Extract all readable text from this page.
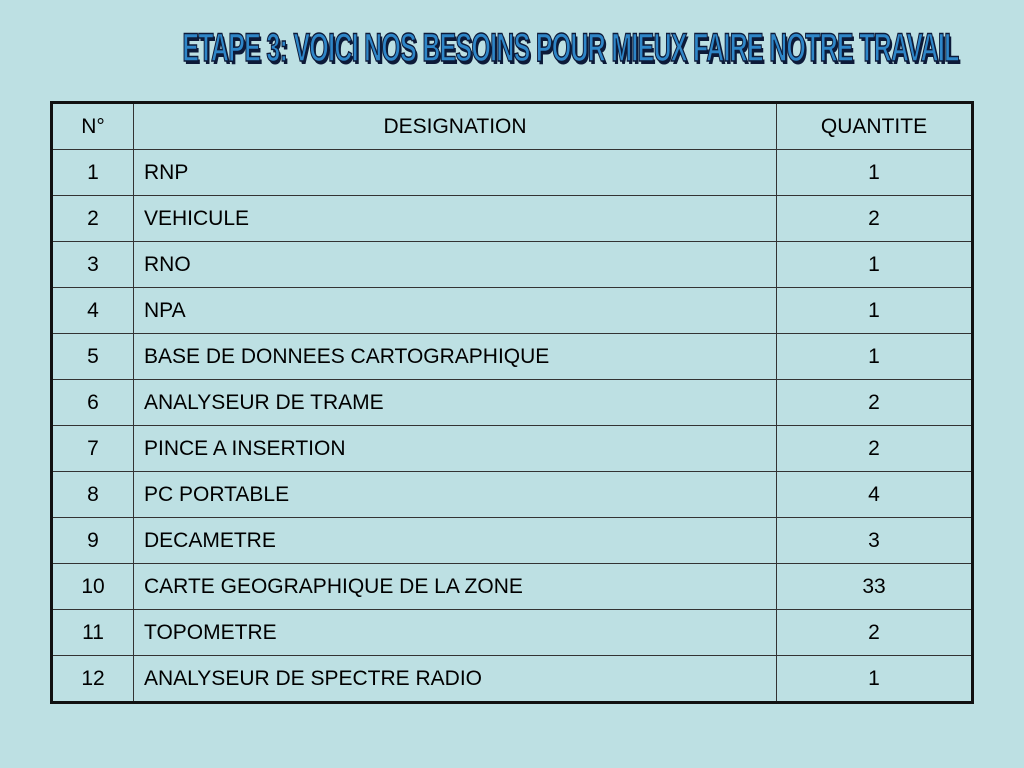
ETAPE 3: VOICI NOS BESOINS POUR MIEUX FAIRE NOTRE TRAVAIL
N°	DESIGNATION	QUANTITE
1	RNP	1
2	VEHICULE	2
3	RNO	1
4	NPA	1
5	BASE DE DONNEES CARTOGRAPHIQUE	1
6	ANALYSEUR DE TRAME	2
7	PINCE A INSERTION	2
8	PC PORTABLE	4
9	DECAMETRE	3
10	CARTE GEOGRAPHIQUE DE LA ZONE	33
11	TOPOMETRE	2
12	ANALYSEUR DE SPECTRE RADIO	1
